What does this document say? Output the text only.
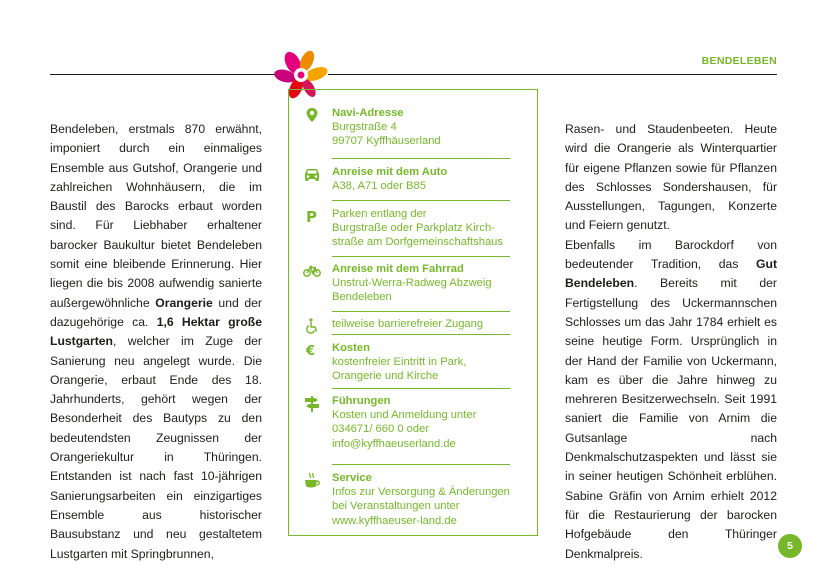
BENDELEBEN
Bendeleben, erstmals 870 erwähnt, imponiert durch ein einmaliges Ensemble aus Gutshof, Orangerie und zahlreichen Wohnhäusern, die im Baustil des Barocks erbaut worden sind. Für Liebhaber erhaltener barocker Baukultur bietet Bendeleben somit eine bleibende Erinnerung. Hier liegen die bis 2008 aufwendig sanierte außergewöhnliche Orangerie und der dazugehörige ca. 1,6 Hektar große Lustgarten, welcher im Zuge der Sanierung neu angelegt wurde. Die Orangerie, erbaut Ende des 18. Jahrhunderts, gehört wegen der Besonderheit des Bautyps zu den bedeutendsten Zeugnissen der Orangeriekultur in Thüringen. Entstanden ist nach fast 10-jährigen Sanierungsarbeiten ein einzigartiges Ensemble aus historischer Bausubstanz und neu gestaltetem Lustgarten mit Springbrunnen,
Navi-Adresse
Burgstraße 4
99707 Kyffhäuserland
Anreise mit dem Auto
A38, A71 oder B85
P Parken entlang der
Burgstraße oder Parkplatz Kirch-
straße am Dorfgemeinschaftshaus
Anreise mit dem Fahrrad
Unstrut-Werra-Radweg Abzweig
Bendeleben
teilweise barrierefreier Zugang
€ Kosten
kostenfreier Eintritt in Park,
Orangerie und Kirche
Führungen
Kosten und Anmeldung unter
034671/ 660 0 oder
info@kyffhaeuserland.de
Service
Infos zur Versorgung & Änderungen
bei Veranstaltungen unter
www.kyffhaeuser-land.de
Rasen- und Staudenbeeten. Heute wird die Orangerie als Winterquartier für eigene Pflanzen sowie für Pflanzen des Schlosses Sondershausen, für Ausstellungen, Tagungen, Konzerte und Feiern genutzt.
Ebenfalls im Barockdorf von bedeutender Tradition, das Gut Bendeleben. Bereits mit der Fertigstellung des Uckermannschen Schlosses um das Jahr 1784 erhielt es seine heutige Form. Ursprünglich in der Hand der Familie von Uckermann, kam es über die Jahre hinweg zu mehreren Besitzerwechseln. Seit 1991 saniert die Familie von Arnim die Gutsanlage nach Denkmalschutzaspekten und lässt sie in seiner heutigen Schönheit erblühen. Sabine Gräfin von Arnim erhielt 2012 für die Restaurierung der barocken Hofgebäude den Thüringer Denkmalpreis.
5
